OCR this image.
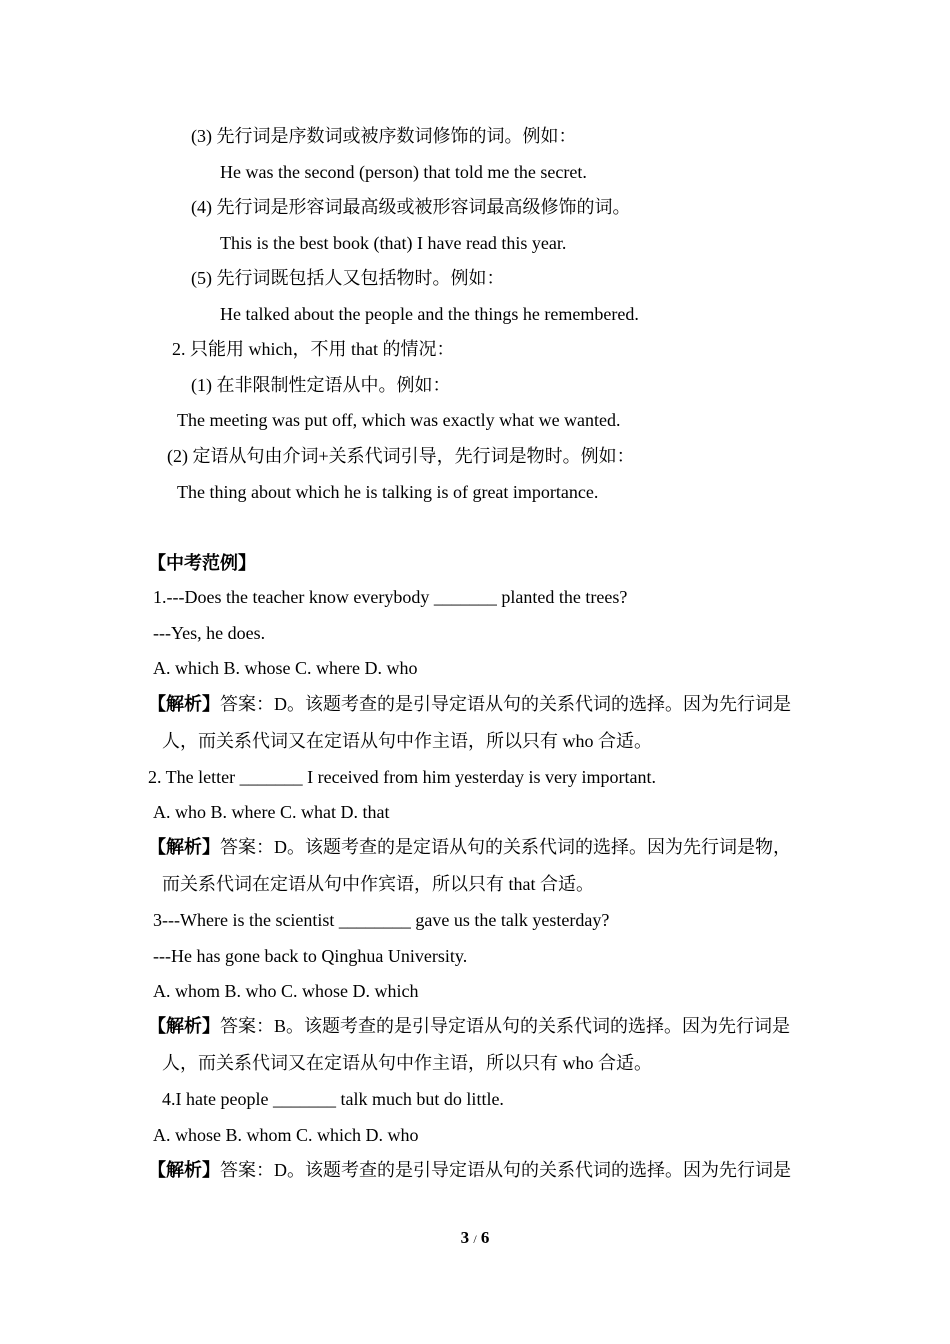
(3) 先行词是序数词或被序数词修饰的词。例如：
He was the second (person) that told me the secret.
(4) 先行词是形容词最高级或被形容词最高级修饰的词。
This is the best book (that) I have read this year.
(5) 先行词既包括人又包括物时。例如：
He talked about the people and the things he remembered.
2. 只能用 which，不用 that 的情况：
(1) 在非限制性定语从中。例如：
The meeting was put off, which was exactly what we wanted.
(2) 定语从句由介词+关系代词引导，先行词是物时。例如：
The thing about which he is talking is of great importance.
【中考范例】
1.---Does the teacher know everybody _______ planted the trees?
---Yes, he does.
A. which B. whose C. where D. who
【解析】答案：D。该题考查的是引导定语从句的关系代词的选择。因为先行词是
人，而关系代词又在定语从句中作主语，所以只有 who 合适。
2. The letter _______ I received from him yesterday is very important.
A. who B. where C. what D. that
【解析】答案：D。该题考查的是定语从句的关系代词的选择。因为先行词是物，
而关系代词在定语从句中作宾语，所以只有 that 合适。
3---Where is the scientist ________ gave us the talk yesterday?
---He has gone back to Qinghua University.
A. whom B. who C. whose D. which
【解析】答案：B。该题考查的是引导定语从句的关系代词的选择。因为先行词是
人，而关系代词又在定语从句中作主语，所以只有 who 合适。
4.I hate people _______ talk much but do little.
A. whose B. whom C. which D. who
【解析】答案：D。该题考查的是引导定语从句的关系代词的选择。因为先行词是
3 / 6
